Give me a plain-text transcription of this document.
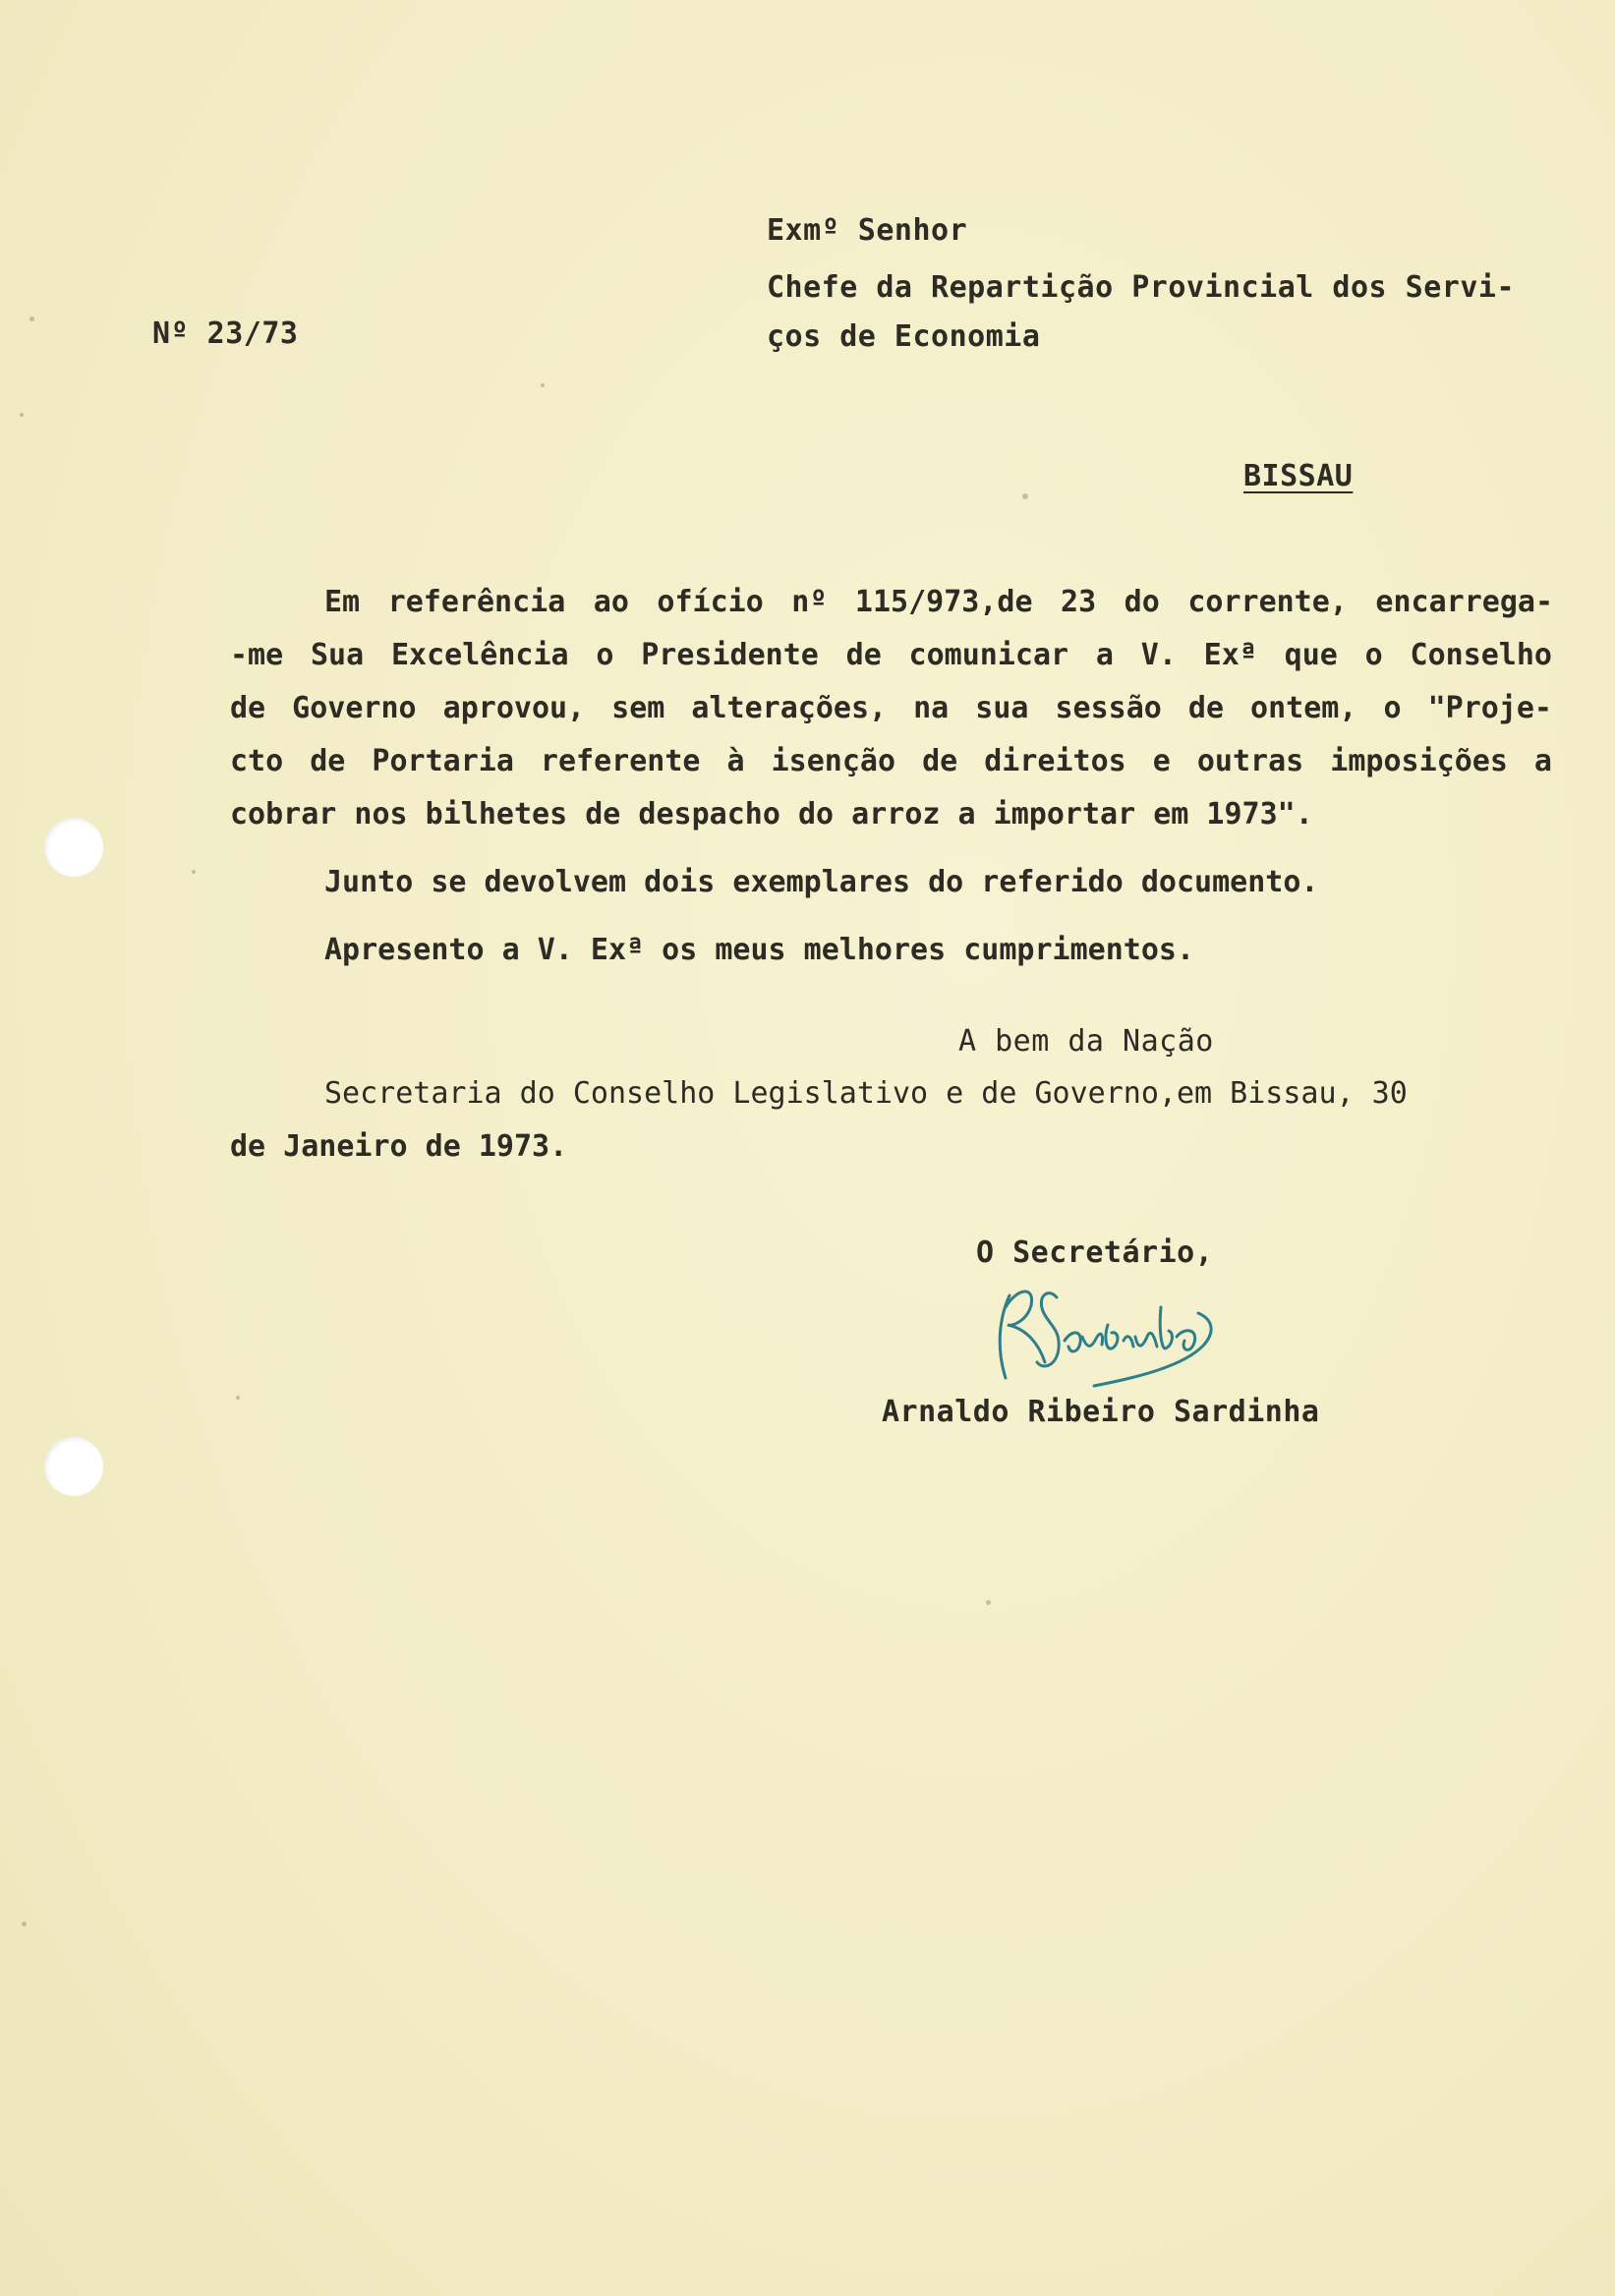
Exmº Senhor
Chefe da Repartição Provincial dos Servi-
ços de Economia
Nº 23/73
BISSAU
Em referência ao ofício nº 115/973,de 23 do corrente, encarrega-
-me Sua Excelência o Presidente de comunicar a V. Exª que o Conselho
de Governo aprovou, sem alterações, na sua sessão de ontem, o "Proje-
cto de Portaria referente à isenção de direitos e outras imposições a
cobrar nos bilhetes de despacho do arroz a importar em 1973".
Junto se devolvem dois exemplares do referido documento.
Apresento a V. Exª os meus melhores cumprimentos.
A bem da Nação
Secretaria do Conselho Legislativo e de Governo,em Bissau, 30
de Janeiro de 1973.
O Secretário,
Arnaldo Ribeiro Sardinha
